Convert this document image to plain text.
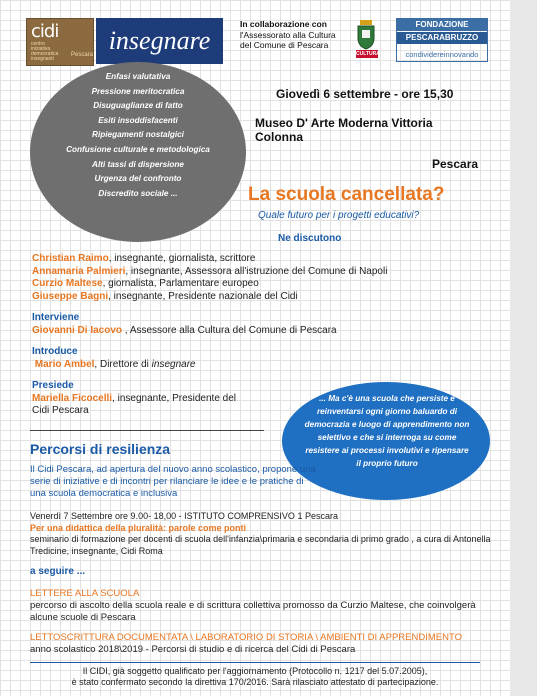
cidi
centro
iniziativa
democratica
insegnanti
Pescara insegnare
In collaborazione con
l'Assessorato alla Cultura
del Comune di Pescara
CULTURA
FONDAZIONE
PESCARABRUZZO
condividereinnovando
Enfasi valutativa
Pressione meritocratica
Disuguaglianze di fatto
Esiti insoddisfacenti
Ripiegamenti nostalgici
Confusione culturale e metodologica
Alti tassi di dispersione
Urgenza del confronto
Discredito sociale ...
Giovedì 6 settembre - ore 15,30
Museo D' Arte Moderna Vittoria Colonna
Pescara
La scuola cancellata?
Quale futuro per i progetti educativi?
Ne discutono
Christian Raimo, insegnante, giornalista, scrittore
Annamaria Palmieri, insegnante, Assessora all'istruzione del Comune di Napoli
Curzio Maltese, giornalista, Parlamentare europeo
Giuseppe Bagni, insegnante, Presidente nazionale del Cidi
Interviene
Giovanni Di Iacovo , Assessore alla Cultura del Comune di Pescara
Introduce
Mario Ambel, Direttore di insegnare
Presiede
Mariella Ficocelli, insegnante, Presidente del
Cidi Pescara
... Ma c'è una scuola che persiste e reinventarsi ogni giorno baluardo di democrazia e luogo di apprendimento non selettivo e che si interroga su come resistere ai processi involutivi e ripensare il proprio futuro
Percorsi di resilienza
Il Cidi Pescara, ad apertura del nuovo anno scolastico, propone una serie di iniziative e di incontri per rilanciare le idee e le pratiche di una scuola democratica e inclusiva
Venerdì 7 Settembre ore 9.00- 18,00 - ISTITUTO COMPRENSIVO 1 Pescara
Per una didattica della pluralità: parole come ponti
seminario di formazione per docenti di scuola dell'infanzia\primaria e secondaria di primo grado , a cura di Antonella Tredicine, insegnante, Cidi Roma
a seguire ...
LETTERE ALLA SCUOLA
percorso di ascolto della scuola reale e di scrittura collettiva promosso da Curzio Maltese, che coinvolgerà alcune scuole di Pescara
LETTOSCRITTURA DOCUMENTATA \ LABORATORIO DI STORIA \ AMBIENTI DI APPRENDIMENTO
anno scolastico 2018\2019 - Percorsi di studio e di ricerca del Cidi di Pescara
Il CIDI, già soggetto qualificato per l'aggiornamento (Protocollo n. 1217 del 5.07.2005),
è stato confermato secondo la direttiva 170/2016. Sarà rilasciato attestato di partecipazione.
